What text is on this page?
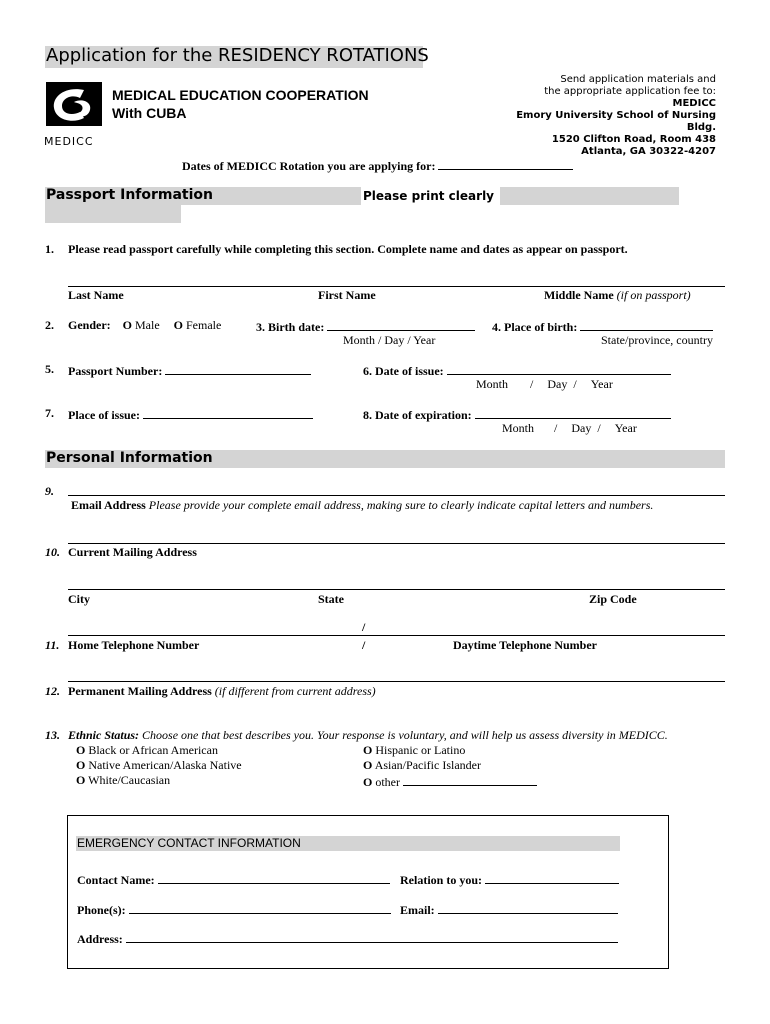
Application for the RESIDENCY ROTATIONS
MEDICC
MEDICAL EDUCATION COOPERATION
With CUBA
Send application materials and
the appropriate application fee to:
MEDICC
Emory University School of Nursing
Bldg.
1520 Clifton Road, Room 438
Atlanta, GA 30322-4207
Dates of MEDICC Rotation you are applying for:
Passport Information	Please print clearly
1. Please read passport carefully while completing this section. Complete name and dates as appear on passport.
Last Name	First Name	Middle Name (if on passport)
2. Gender: O Male O Female	3. Birth date:
Month / Day / Year
4. Place of birth:
State/province, country
5. Passport Number:	6. Date of issue:
Month / Day / Year
7. Place of issue:	8. Date of expiration:
Month / Day / Year
Personal Information
9.
Email Address Please provide your complete email address, making sure to clearly indicate capital letters and numbers.
10. Current Mailing Address
City	State	Zip Code
/
11. Home Telephone Number	/	Daytime Telephone Number
12. Permanent Mailing Address (if different from current address)
13. Ethnic Status: Choose one that best describes you. Your response is voluntary, and will help us assess diversity in MEDICC.
O Black or African American
O Native American/Alaska Native
O White/Caucasian
O Hispanic or Latino
O Asian/Pacific Islander
O other
EMERGENCY CONTACT INFORMATION
Contact Name:	Relation to you:
Phone(s):	Email:
Address:
